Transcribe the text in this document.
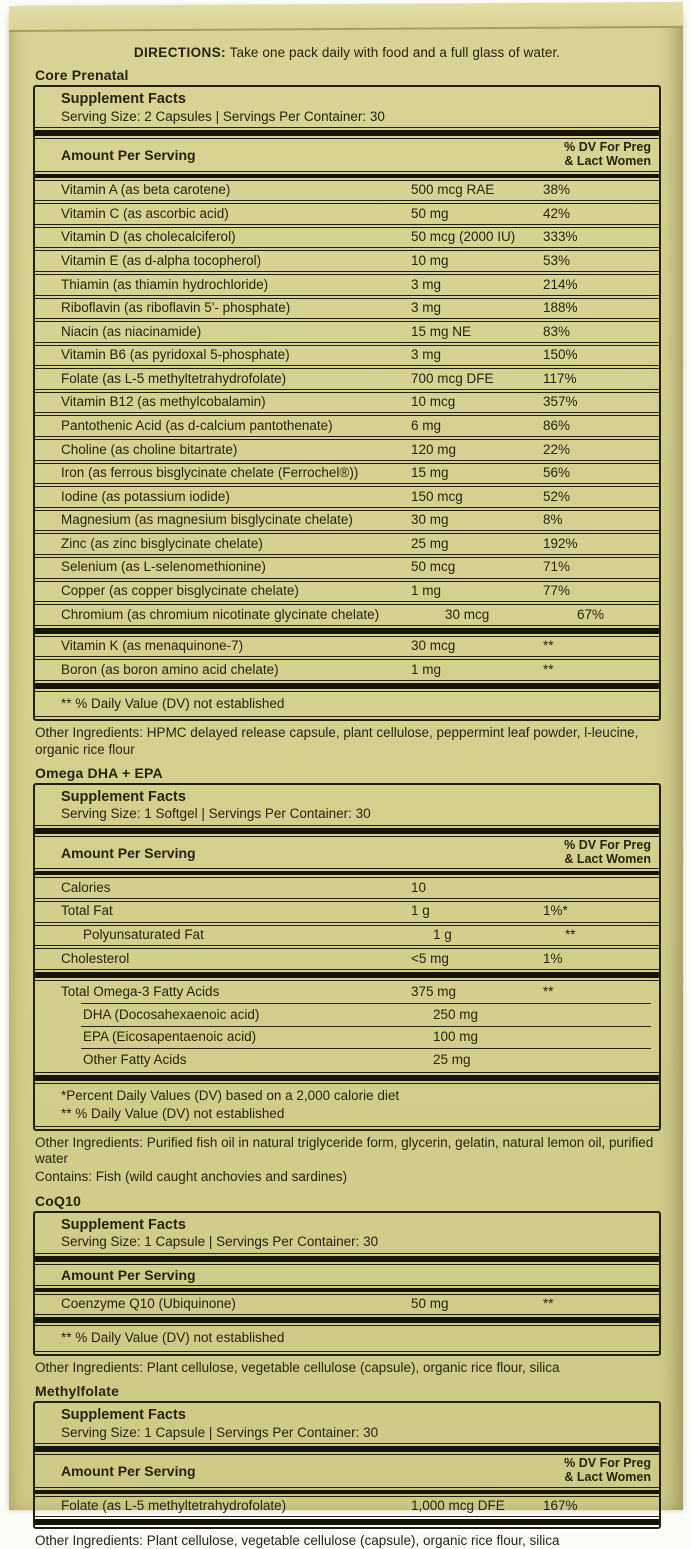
DIRECTIONS: Take one pack daily with food and a full glass of water.
Core Prenatal
Supplement Facts
Serving Size: 2 Capsules | Servings Per Container: 30
Amount Per Serving	% DV For Preg
& Lact Women
Vitamin A (as beta carotene)	500 mcg RAE	38%
Vitamin C (as ascorbic acid)	50 mg	42%
Vitamin D (as cholecalciferol)	50 mcg (2000 IU)	333%
Vitamin E (as d-alpha tocopherol)	10 mg	53%
Thiamin (as thiamin hydrochloride)	3 mg	214%
Riboflavin (as riboflavin 5'- phosphate)	3 mg	188%
Niacin (as niacinamide)	15 mg NE	83%
Vitamin B6 (as pyridoxal 5-phosphate)	3 mg	150%
Folate (as L-5 methyltetrahydrofolate)	700 mcg DFE	117%
Vitamin B12 (as methylcobalamin)	10 mcg	357%
Pantothenic Acid (as d-calcium pantothenate)	6 mg	86%
Choline (as choline bitartrate)	120 mg	22%
Iron (as ferrous bisglycinate chelate (Ferrochel®))	15 mg	56%
Iodine (as potassium iodide)	150 mcg	52%
Magnesium (as magnesium bisglycinate chelate)	30 mg	8%
Zinc (as zinc bisglycinate chelate)	25 mg	192%
Selenium (as L-selenomethionine)	50 mcg	71%
Copper (as copper bisglycinate chelate)	1 mg	77%
Chromium (as chromium nicotinate glycinate chelate)	30 mcg	67%
Vitamin K (as menaquinone-7)	30 mcg	**
Boron (as boron amino acid chelate)	1 mg	**
** % Daily Value (DV) not established

Other Ingredients: HPMC delayed release capsule, plant cellulose, peppermint leaf powder, l-leucine, organic rice flour

Omega DHA + EPA
Supplement Facts
Serving Size: 1 Softgel | Servings Per Container: 30
Amount Per Serving	% DV For Preg
& Lact Women
Calories	10
Total Fat	1 g	1%*
Polyunsaturated Fat	1 g	**
Cholesterol	<5 mg	1%
Total Omega-3 Fatty Acids	375 mg	**
DHA (Docosahexaenoic acid)	250 mg
EPA (Eicosapentaenoic acid)	100 mg
Other Fatty Acids	25 mg
*Percent Daily Values (DV) based on a 2,000 calorie diet
** % Daily Value (DV) not established

Other Ingredients: Purified fish oil in natural triglyceride form, glycerin, gelatin, natural lemon oil, purified water

Contains: Fish (wild caught anchovies and sardines)

CoQ10
Supplement Facts
Serving Size: 1 Capsule | Servings Per Container: 30
Amount Per Serving
Coenzyme Q10 (Ubiquinone)	50 mg	**
** % Daily Value (DV) not established

Other Ingredients: Plant cellulose, vegetable cellulose (capsule), organic rice flour, silica

Methylfolate
Supplement Facts
Serving Size: 1 Capsule | Servings Per Container: 30
Amount Per Serving	% DV For Preg
& Lact Women
Folate (as L-5 methyltetrahydrofolate)	1,000 mcg DFE	167%

Other Ingredients: Plant cellulose, vegetable cellulose (capsule), organic rice flour, silica
